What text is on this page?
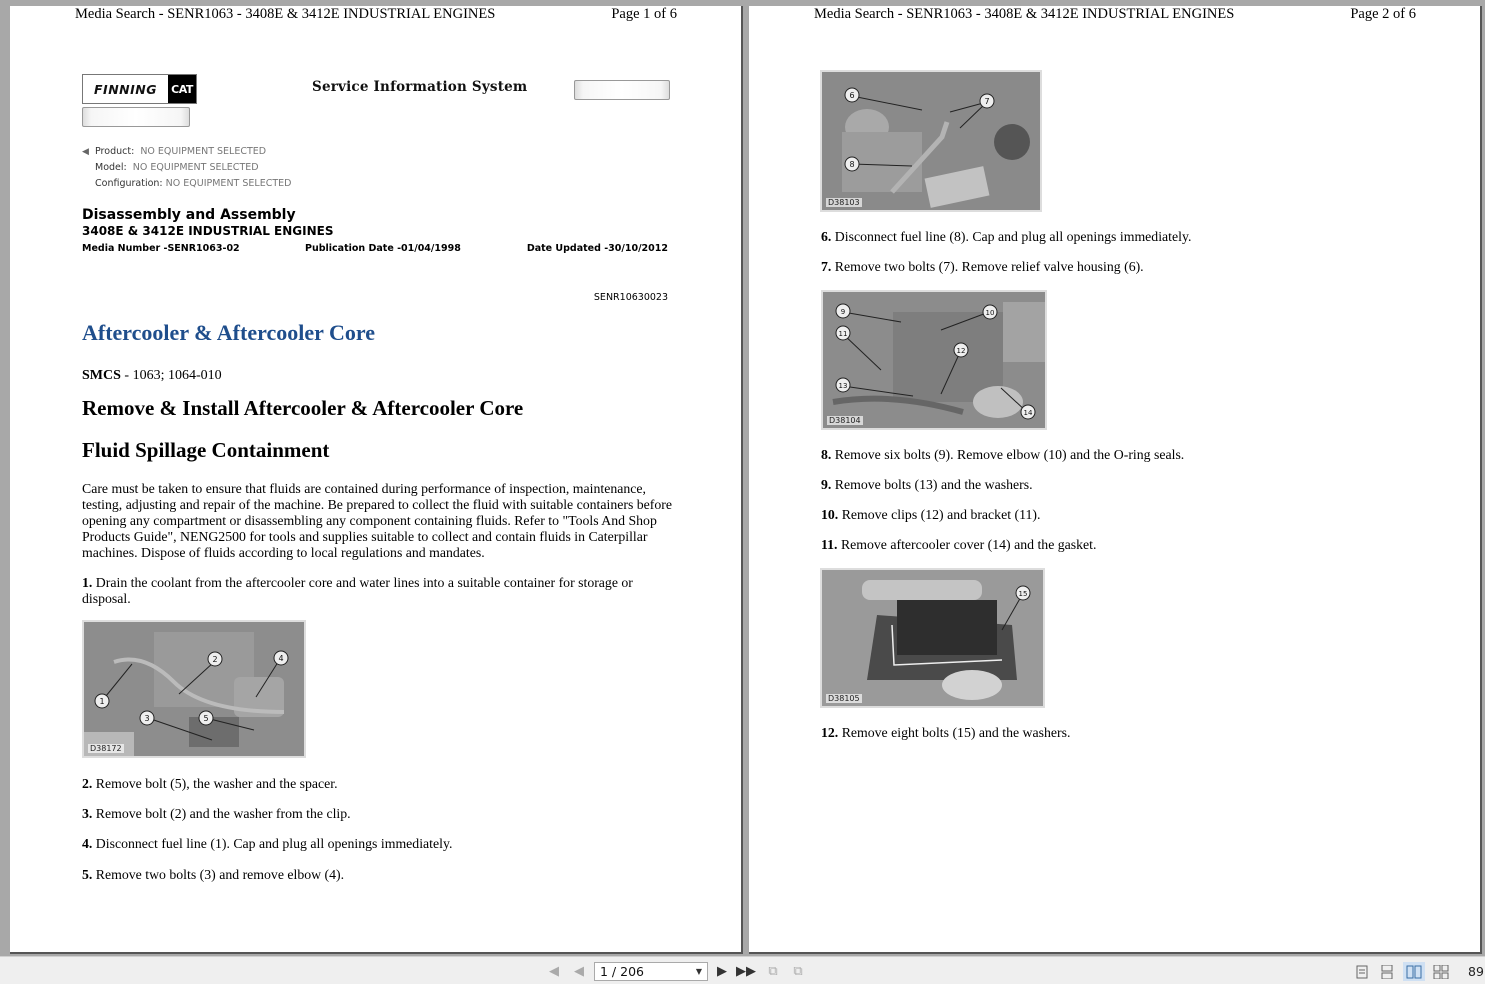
Media Search - SENR1063 - 3408E & 3412E INDUSTRIAL ENGINES	Page 1 of 6
FINNING	CAT	Service Information System
◀ Product: NO EQUIPMENT SELECTED
Model: NO EQUIPMENT SELECTED
Configuration: NO EQUIPMENT SELECTED
Disassembly and Assembly
3408E & 3412E INDUSTRIAL ENGINES
Media Number -SENR1063-02	Publication Date -01/04/1998	Date Updated -30/10/2012
SENR10630023
Aftercooler & Aftercooler Core
SMCS - 1063; 1064-010
Remove & Install Aftercooler & Aftercooler Core
Fluid Spillage Containment
Care must be taken to ensure that fluids are contained during performance of inspection, maintenance, testing, adjusting and repair of the machine. Be prepared to collect the fluid with suitable containers before opening any compartment or disassembling any component containing fluids. Refer to "Tools And Shop Products Guide", NENG2500 for tools and supplies suitable to collect and contain fluids in Caterpillar machines. Dispose of fluids according to local regulations and mandates.
1. Drain the coolant from the aftercooler core and water lines into a suitable container for storage or disposal.
1
2
3
4
5
D38172
2. Remove bolt (5), the washer and the spacer.
3. Remove bolt (2) and the washer from the clip.
4. Disconnect fuel line (1). Cap and plug all openings immediately.
5. Remove two bolts (3) and remove elbow (4).
Media Search - SENR1063 - 3408E & 3412E INDUSTRIAL ENGINES	Page 2 of 6
6
7
8
D38103
6. Disconnect fuel line (8). Cap and plug all openings immediately.
7. Remove two bolts (7). Remove relief valve housing (6).
9	10
11
12
13
14
D38104
8. Remove six bolts (9). Remove elbow (10) and the O-ring seals.
9. Remove bolts (13) and the washers.
10. Remove clips (12) and bracket (11).
11. Remove aftercooler cover (14) and the gasket.
15
D38105
12. Remove eight bolts (15) and the washers.
◀︎ ◀	1 / 206	▼ ▶ ▶▶ ⧉ ⧉	89
